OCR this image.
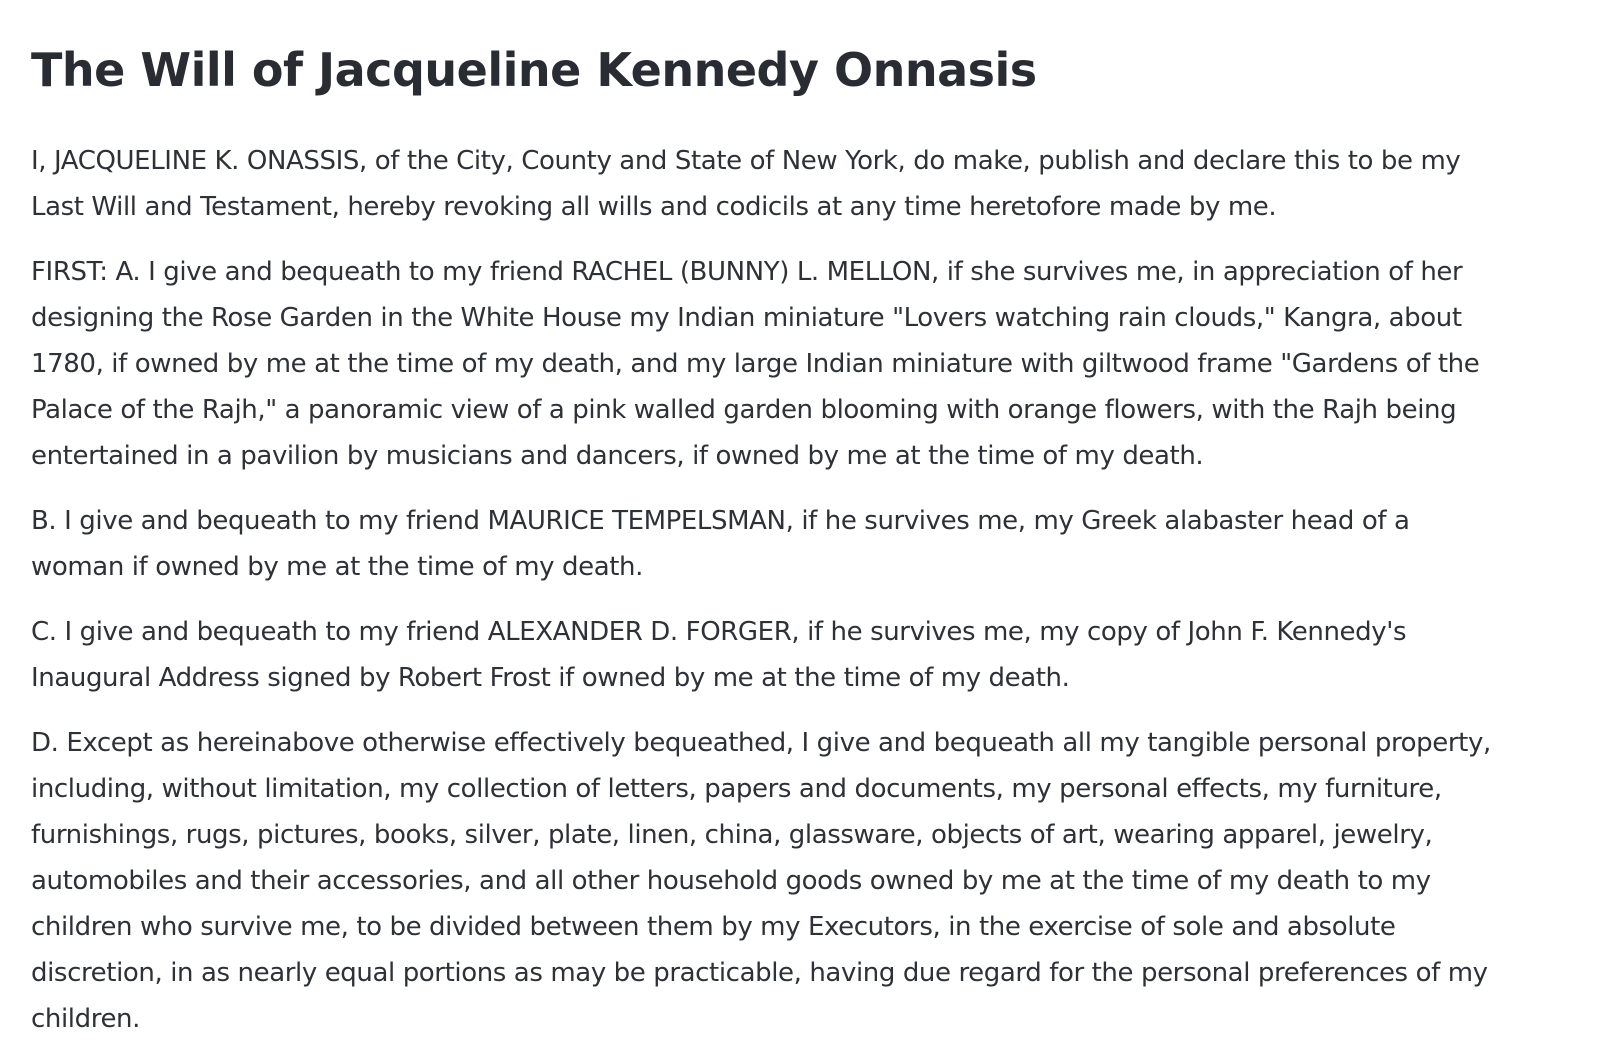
The Will of Jacqueline Kennedy Onnasis

I, JACQUELINE K. ONASSIS, of the City, County and State of New York, do make, publish and declare this to be my Last Will and Testament, hereby revoking all wills and codicils at any time heretofore made by me.

FIRST: A. I give and bequeath to my friend RACHEL (BUNNY) L. MELLON, if she survives me, in appreciation of her designing the Rose Garden in the White House my Indian miniature "Lovers watching rain clouds," Kangra, about 1780, if owned by me at the time of my death, and my large Indian miniature with giltwood frame "Gardens of the Palace of the Rajh," a panoramic view of a pink walled garden blooming with orange flowers, with the Rajh being entertained in a pavilion by musicians and dancers, if owned by me at the time of my death.

B. I give and bequeath to my friend MAURICE TEMPELSMAN, if he survives me, my Greek alabaster head of a woman if owned by me at the time of my death.

C. I give and bequeath to my friend ALEXANDER D. FORGER, if he survives me, my copy of John F. Kennedy's Inaugural Address signed by Robert Frost if owned by me at the time of my death.

D. Except as hereinabove otherwise effectively bequeathed, I give and bequeath all my tangible personal property, including, without limitation, my collection of letters, papers and documents, my personal effects, my furniture, furnishings, rugs, pictures, books, silver, plate, linen, china, glassware, objects of art, wearing apparel, jewelry, automobiles and their accessories, and all other household goods owned by me at the time of my death to my children who survive me, to be divided between them by my Executors, in the exercise of sole and absolute discretion, in as nearly equal portions as may be practicable, having due regard for the personal preferences of my children.
